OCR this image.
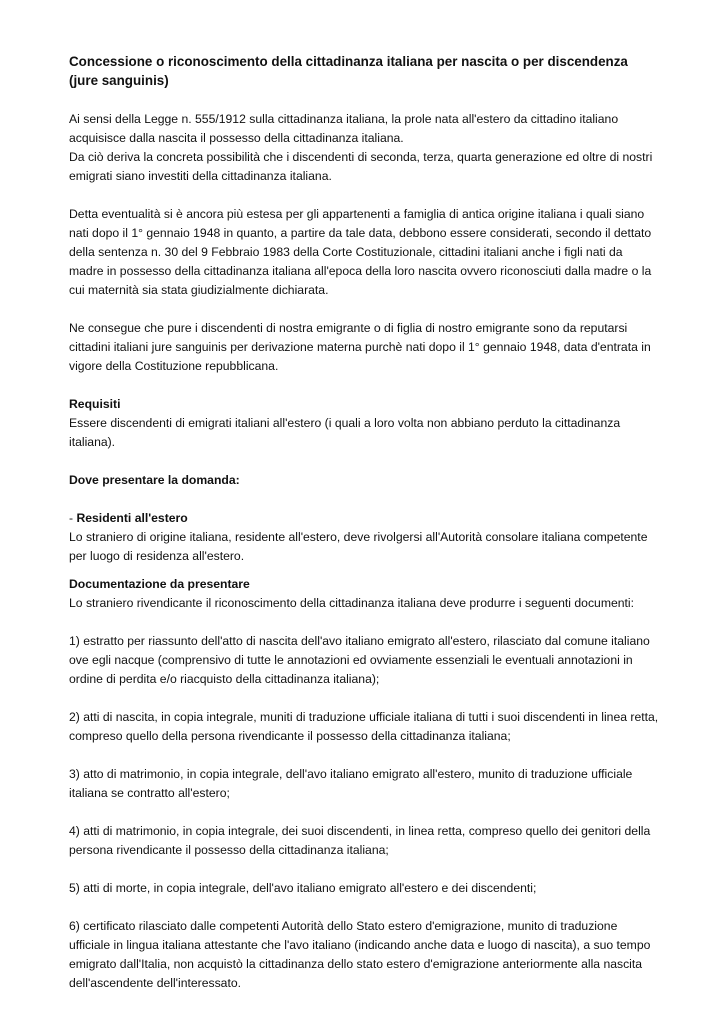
Concessione o riconoscimento della cittadinanza italiana per nascita o per discendenza (jure sanguinis)

Ai sensi della Legge n. 555/1912 sulla cittadinanza italiana, la prole nata all'estero da cittadino italiano acquisisce dalla nascita il possesso della cittadinanza italiana.

Da ciò deriva la concreta possibilità che i discendenti di seconda, terza, quarta generazione ed oltre di nostri emigrati siano investiti della cittadinanza italiana.

Detta eventualità si è ancora più estesa per gli appartenenti a famiglia di antica origine italiana i quali siano nati dopo il 1° gennaio 1948 in quanto, a partire da tale data, debbono essere considerati, secondo il dettato della sentenza n. 30 del 9 Febbraio 1983 della Corte Costituzionale, cittadini italiani anche i figli nati da madre in possesso della cittadinanza italiana all'epoca della loro nascita ovvero riconosciuti dalla madre o la cui maternità sia stata giudizialmente dichiarata.

Ne consegue che pure i discendenti di nostra emigrante o di figlia di nostro emigrante sono da reputarsi cittadini italiani jure sanguinis per derivazione materna purchè nati dopo il 1° gennaio 1948, data d'entrata in vigore della Costituzione repubblicana.

Requisiti

Essere discendenti di emigrati italiani all'estero (i quali a loro volta non abbiano perduto la cittadinanza italiana).

Dove presentare la domanda:

- Residenti all'estero

Lo straniero di origine italiana, residente all'estero, deve rivolgersi all'Autorità consolare italiana competente per luogo di residenza all'estero.

Documentazione da presentare

Lo straniero rivendicante il riconoscimento della cittadinanza italiana deve produrre i seguenti documenti:

1) estratto per riassunto dell'atto di nascita dell'avo italiano emigrato all'estero, rilasciato dal comune italiano ove egli nacque (comprensivo di tutte le annotazioni ed ovviamente essenziali le eventuali annotazioni in ordine di perdita e/o riacquisto della cittadinanza italiana);

2) atti di nascita, in copia integrale, muniti di traduzione ufficiale italiana di tutti i suoi discendenti in linea retta, compreso quello della persona rivendicante il possesso della cittadinanza italiana;

3) atto di matrimonio, in copia integrale, dell'avo italiano emigrato all'estero, munito di traduzione ufficiale italiana se contratto all'estero;

4) atti di matrimonio, in copia integrale, dei suoi discendenti, in linea retta, compreso quello dei genitori della persona rivendicante il possesso della cittadinanza italiana;

5) atti di morte, in copia integrale, dell'avo italiano emigrato all'estero e dei discendenti;

6) certificato rilasciato dalle competenti Autorità dello Stato estero d'emigrazione, munito di traduzione ufficiale in lingua italiana attestante che l'avo italiano (indicando anche data e luogo di nascita), a suo tempo emigrato dall'Italia, non acquistò la cittadinanza dello stato estero d'emigrazione anteriormente alla nascita dell'ascendente dell'interessato.
